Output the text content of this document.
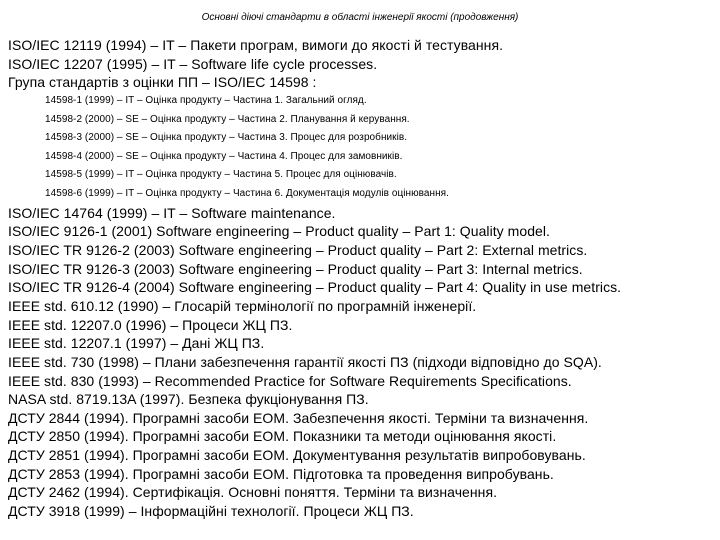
Основні діючі стандарти в області інженерії якості (продовження)
ISO/IEC 12119 (1994) – IT – Пакети програм, вимоги до якості й тестування.
ISO/IEC 12207 (1995) – IT – Software life cycle processes.
Група стандартів з оцінки ПП – ISO/IEC 14598 :
14598-1 (1999) – IT – Оцінка продукту – Частина 1. Загальний огляд.
14598-2 (2000) – SE – Оцінка продукту – Частина 2. Планування й керування.
14598-3 (2000) – SE – Оцінка продукту – Частина 3. Процес для розробників.
14598-4 (2000) – SE – Оцінка продукту – Частина 4. Процес для замовників.
14598-5 (1999) – IT – Оцінка продукту – Частина 5. Процес для оцінювачів.
14598-6 (1999) – IT – Оцінка продукту – Частина 6. Документація модулів оцінювання.
ISO/IEC 14764 (1999) – IT – Software maintenance.
ISO/IEC 9126-1 (2001) Software engineering – Product quality – Part 1: Quality model.
ISO/IEC TR 9126-2 (2003) Software engineering – Product quality – Part 2: External metrics.
ISO/IEC TR 9126-3 (2003) Software engineering – Product quality – Part 3: Internal metrics.
ISO/IEC TR 9126-4 (2004) Software engineering – Product quality – Part 4: Quality in use metrics.
IEEE std. 610.12 (1990) – Глосарій термінології по програмній інженерії.
IEEE std. 12207.0 (1996) – Процеси ЖЦ ПЗ.
IEEE std. 12207.1 (1997) – Дані ЖЦ ПЗ.
IEEE std. 730 (1998) – Плани забезпечення гарантії якості ПЗ (підходи відповідно до SQA).
IEEE std. 830 (1993) – Recommended Practice for Software Requirements Specifications.
NASA std. 8719.13A (1997). Безпека фукціонування ПЗ.
ДСТУ 2844 (1994). Програмні засоби ЕОМ. Забезпечення якості. Терміни та визначення.
ДСТУ 2850 (1994). Програмні засоби ЕОМ. Показники та методи оцінювання якості.
ДСТУ 2851 (1994). Програмні засоби ЕОМ. Документування результатів випробовувань.
ДСТУ 2853 (1994). Програмні засоби ЕОМ. Підготовка та проведення випробувань.
ДСТУ 2462 (1994). Сертифікація. Основні поняття. Терміни та визначення.
ДСТУ 3918 (1999) – Інформаційні технології. Процеси ЖЦ ПЗ.
